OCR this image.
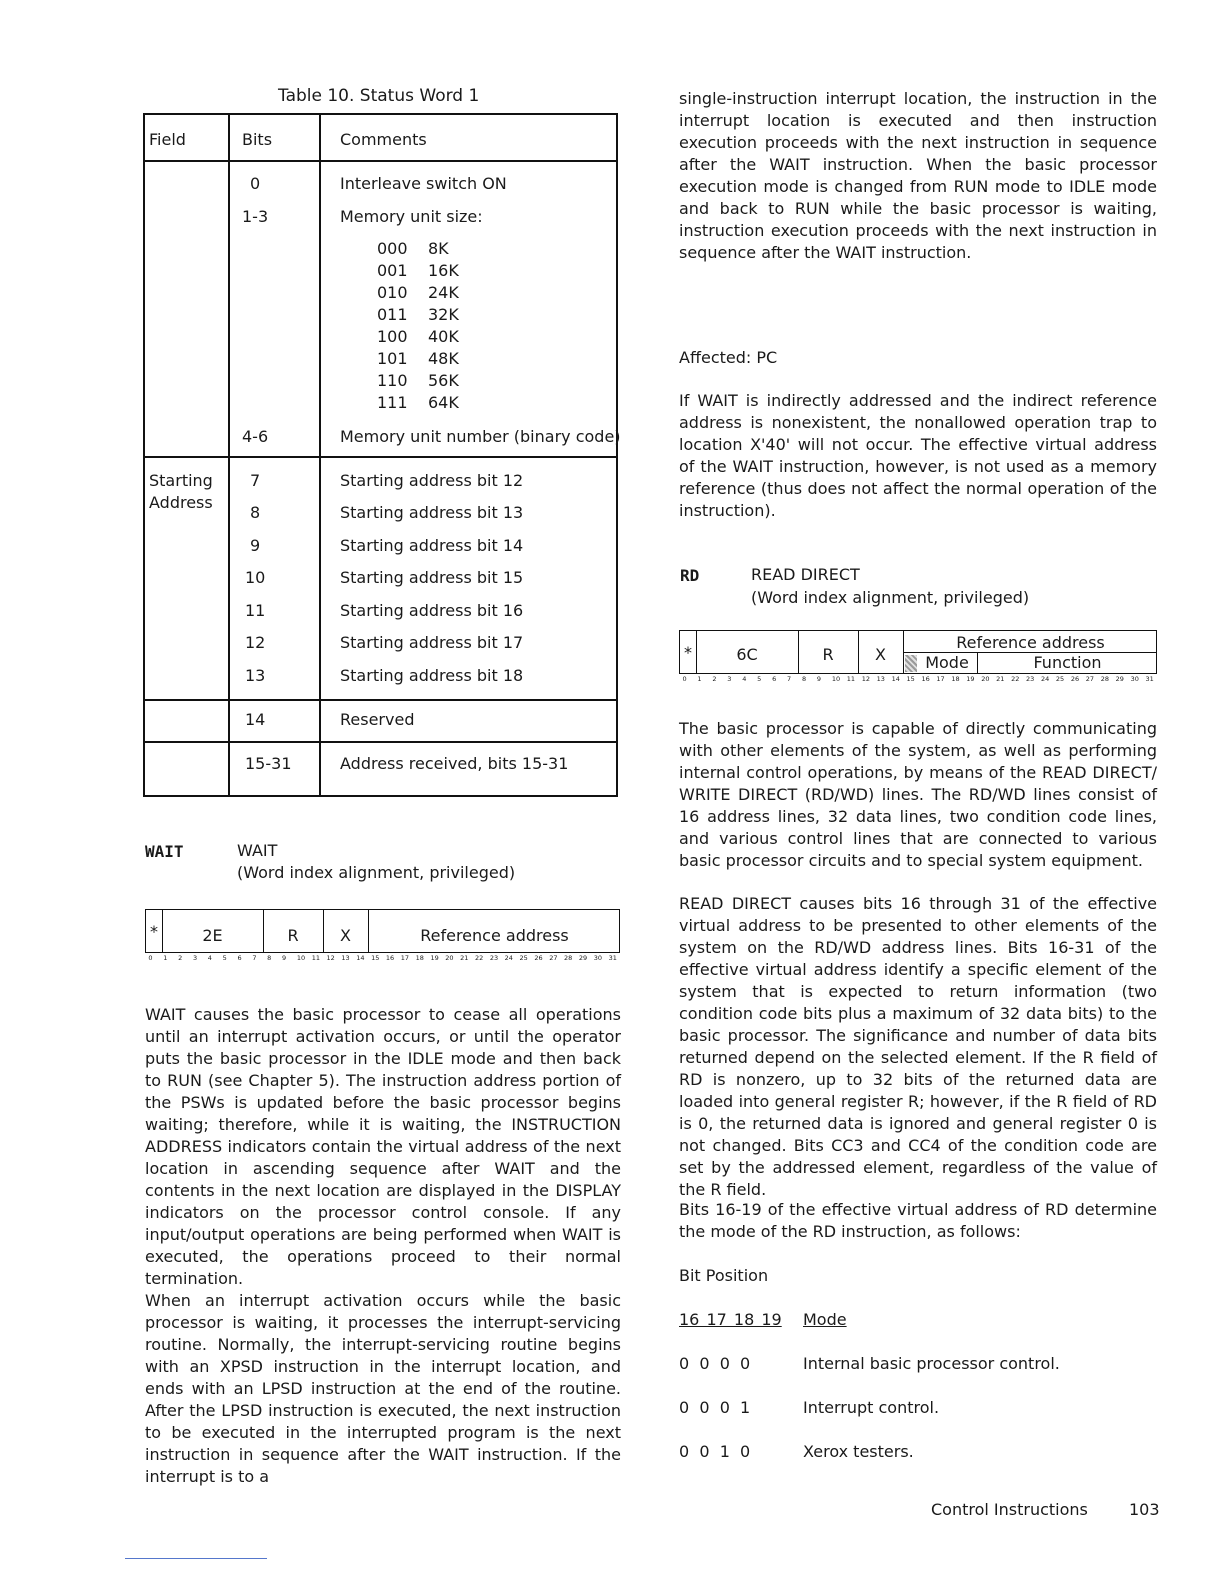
Table 10. Status Word 1
Field	Bits	Comments
0	Interleave switch ON
1-3	Memory unit size:
000 8K
001 16K
010 24K
011 32K
100 40K
101 48K
110 56K
111 64K
4-6	Memory unit number (binary code)
Starting Address
7	Starting address bit 12
8	Starting address bit 13
9	Starting address bit 14
10	Starting address bit 15
11	Starting address bit 16
12	Starting address bit 17
13	Starting address bit 18
14	Reserved
15-31	Address received, bits 15-31
WAIT	WAIT
(Word index alignment, privileged)
*	2E	R	X	Reference address
0 1 2 3 4 5 6 7 8 9 10 11 12 13 14 15 16 17 18 19 20 21 22 23 24 25 26 27 28 29 30 31
WAIT causes the basic processor to cease all operations until an interrupt activation occurs, or until the operator puts the basic processor in the IDLE mode and then back to RUN (see Chapter 5). The instruction address portion of the PSWs is updated before the basic processor begins waiting; therefore, while it is waiting, the INSTRUCTION ADDRESS indicators contain the virtual address of the next location in ascending sequence after WAIT and the contents in the next location are displayed in the DISPLAY indicators on the processor control console. If any input/output operations are being performed when WAIT is executed, the operations proceed to their normal termination.
When an interrupt activation occurs while the basic processor is waiting, it processes the interrupt-servicing routine. Normally, the interrupt-servicing routine begins with an XPSD instruction in the interrupt location, and ends with an LPSD instruction at the end of the routine. After the LPSD instruction is executed, the next instruction to be executed in the interrupted program is the next instruction in sequence after the WAIT instruction. If the interrupt is to a
single-instruction interrupt location, the instruction in the interrupt location is executed and then instruction execution proceeds with the next instruction in sequence after the WAIT instruction. When the basic processor execution mode is changed from RUN mode to IDLE mode and back to RUN while the basic processor is waiting, instruction execution proceeds with the next instruction in sequence after the WAIT instruction.
Affected: PC
If WAIT is indirectly addressed and the indirect reference address is nonexistent, the nonallowed operation trap to location X'40' will not occur. The effective virtual address of the WAIT instruction, however, is not used as a memory reference (thus does not affect the normal operation of the instruction).
RD	READ DIRECT
(Word index alignment, privileged)
*	6C	R	X
Reference address
Mode	Function
0 1 2 3 4 5 6 7 8 9 10 11 12 13 14 15 16 17 18 19 20 21 22 23 24 25 26 27 28 29 30 31
The basic processor is capable of directly communicating with other elements of the system, as well as performing internal control operations, by means of the READ DIRECT/ WRITE DIRECT (RD/WD) lines. The RD/WD lines consist of 16 address lines, 32 data lines, two condition code lines, and various control lines that are connected to various basic processor circuits and to special system equipment.
READ DIRECT causes bits 16 through 31 of the effective virtual address to be presented to other elements of the system on the RD/WD address lines. Bits 16-31 of the effective virtual address identify a specific element of the system that is expected to return information (two condition code bits plus a maximum of 32 data bits) to the basic processor. The significance and number of data bits returned depend on the selected element. If the R field of RD is nonzero, up to 32 bits of the returned data are loaded into general register R; however, if the R field of RD is 0, the returned data is ignored and general register 0 is not changed. Bits CC3 and CC4 of the condition code are set by the addressed element, regardless of the value of the R field.
Bits 16-19 of the effective virtual address of RD determine the mode of the RD instruction, as follows:
Bit Position
16 17 18 19 Mode
0  0  0  0	Internal basic processor control.
0  0  0  1	Interrupt control.
0  0  1  0	Xerox testers.
Control Instructions	103
